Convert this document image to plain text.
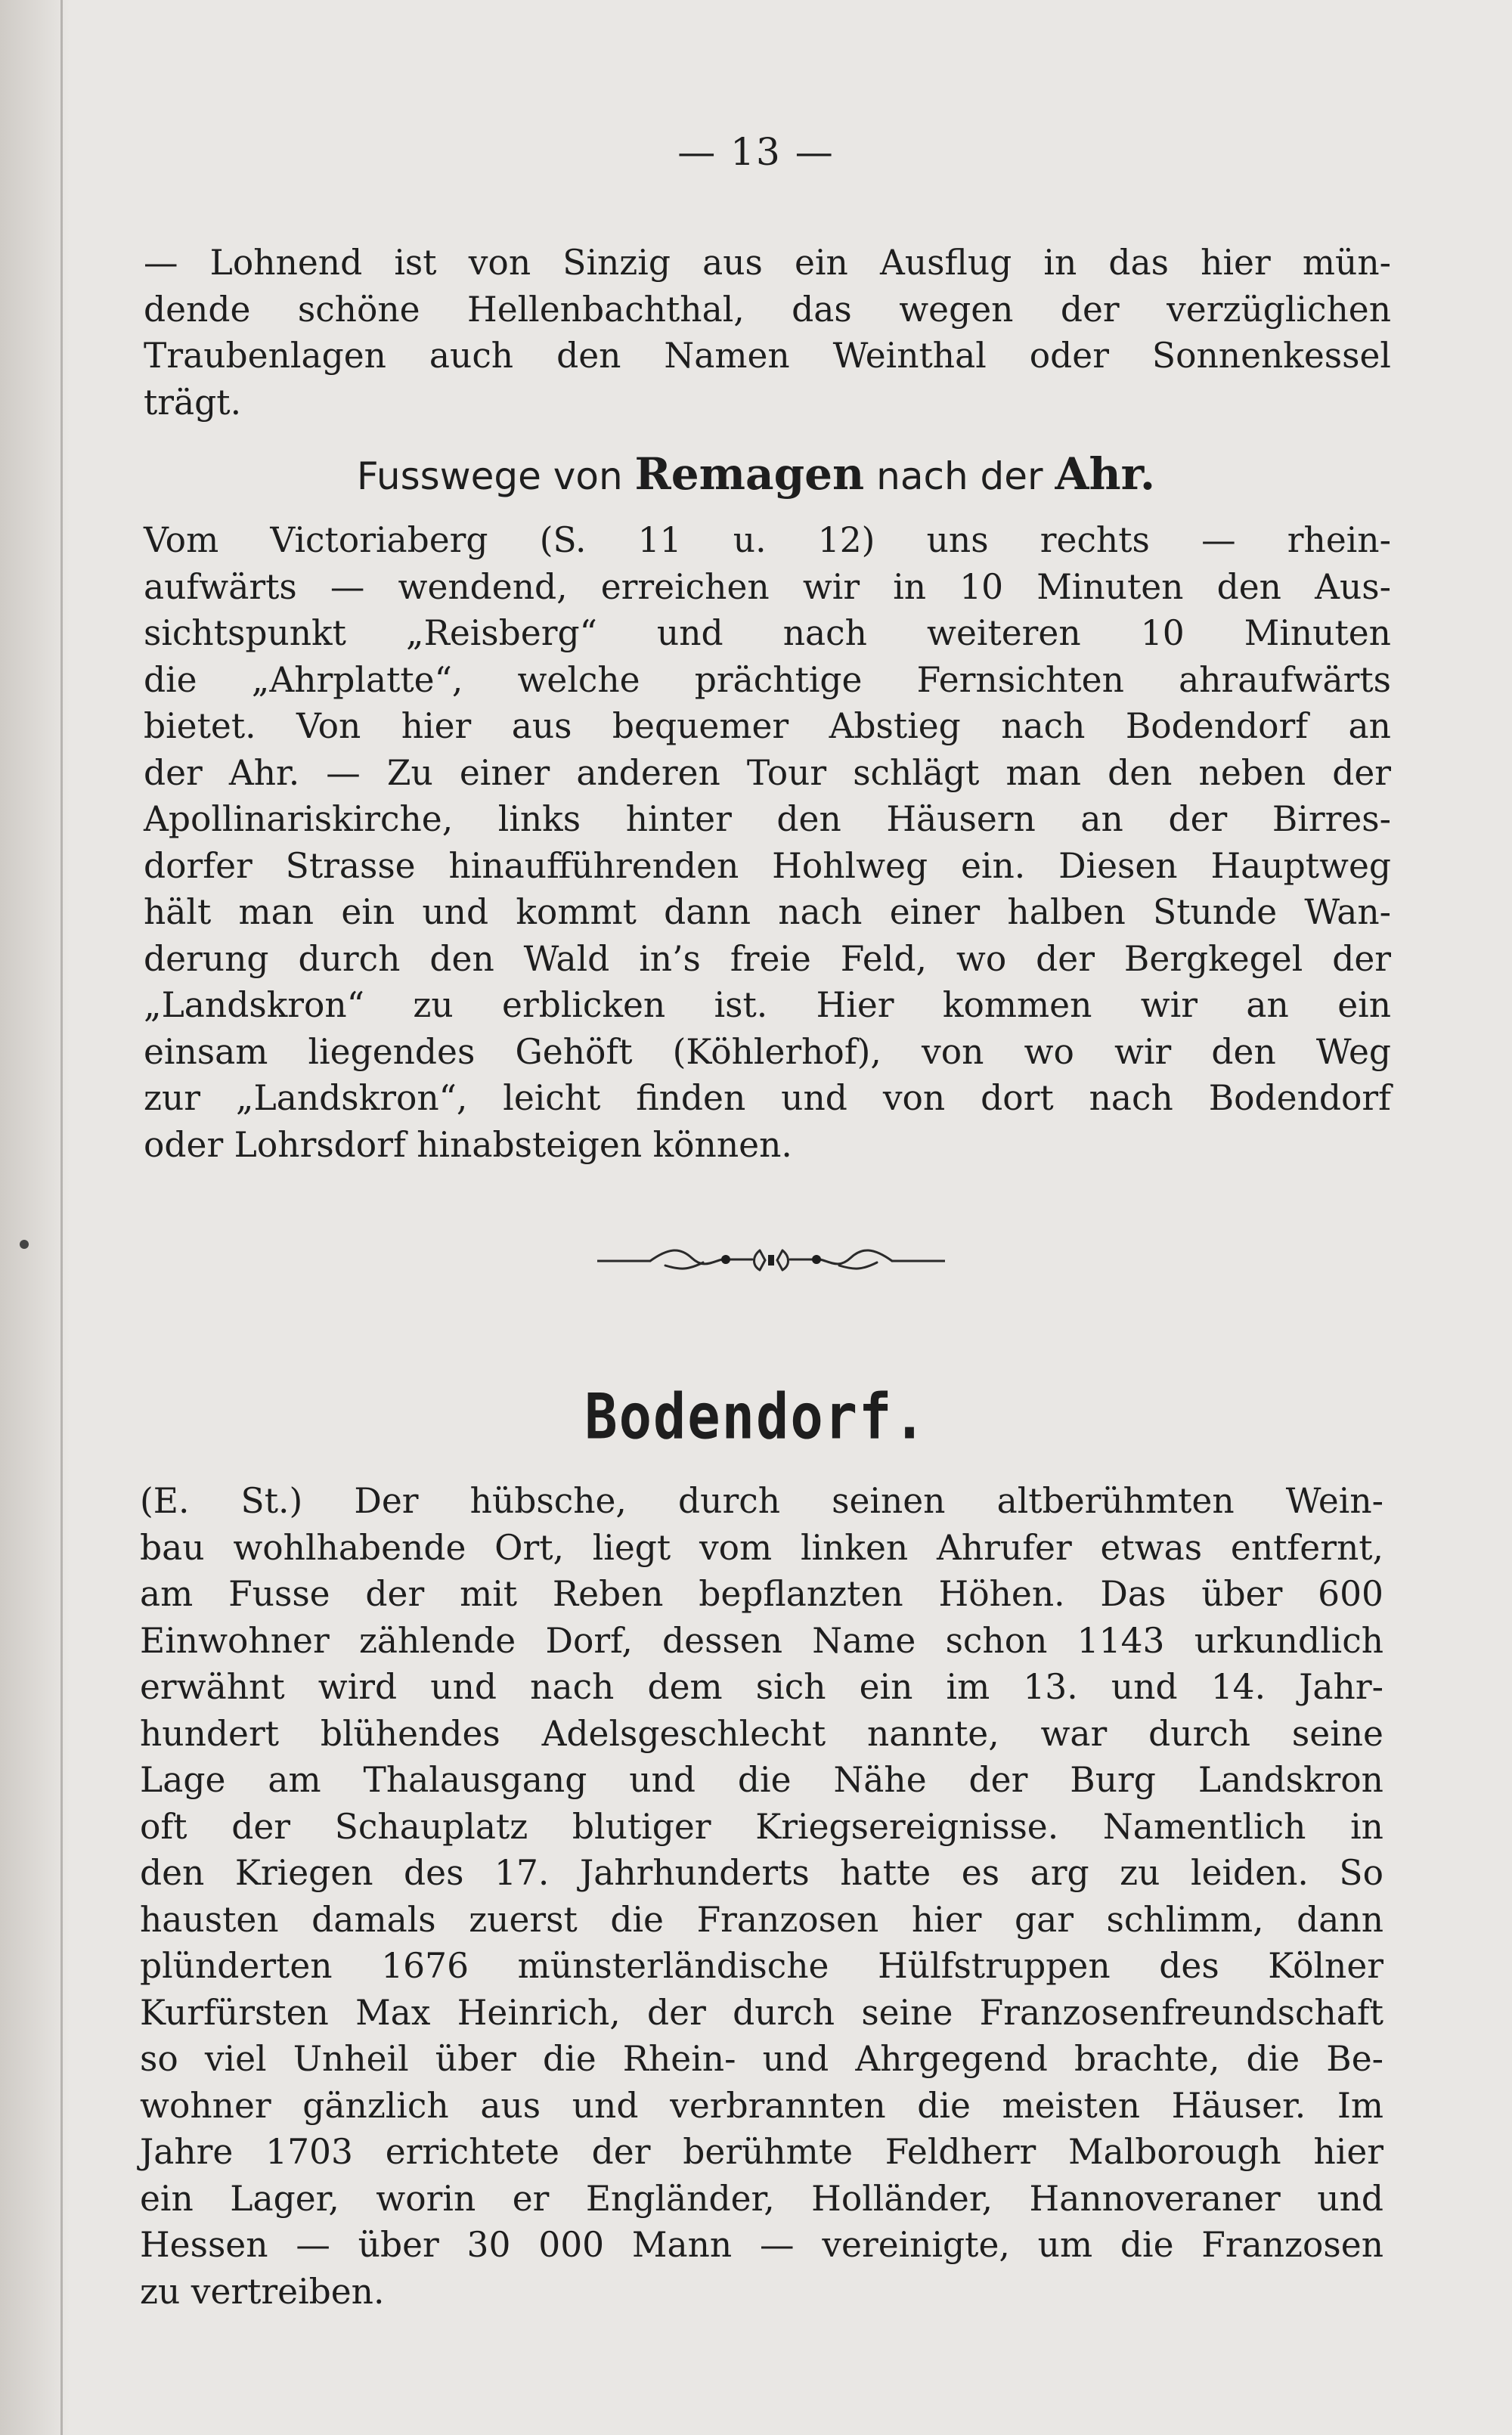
— 13 —
— Lohnend ist von Sinzig aus ein Ausflug in das hier mün-
dende schöne Hellenbachthal, das wegen der verzüglichen
Traubenlagen auch den Namen Weinthal oder Sonnenkessel
trägt.
Fusswege von Remagen nach der Ahr.
Vom Victoriaberg (S. 11 u. 12) uns rechts — rhein-
aufwärts — wendend, erreichen wir in 10 Minuten den Aus-
sichtspunkt „Reisberg“ und nach weiteren 10 Minuten
die „Ahrplatte“, welche prächtige Fernsichten ahraufwärts
bietet. Von hier aus bequemer Abstieg nach Bodendorf an
der Ahr. — Zu einer anderen Tour schlägt man den neben der
Apollinariskirche, links hinter den Häusern an der Birres-
dorfer Strasse hinaufführenden Hohlweg ein. Diesen Hauptweg
hält man ein und kommt dann nach einer halben Stunde Wan-
derung durch den Wald in’s freie Feld, wo der Bergkegel der
„Landskron“ zu erblicken ist. Hier kommen wir an ein
einsam liegendes Gehöft (Köhlerhof), von wo wir den Weg
zur „Landskron“, leicht finden und von dort nach Bodendorf
oder Lohrsdorf hinabsteigen können.
Bodendorf.
(E. St.) Der hübsche, durch seinen altberühmten Wein-
bau wohlhabende Ort, liegt vom linken Ahrufer etwas entfernt,
am Fusse der mit Reben bepflanzten Höhen. Das über 600
Einwohner zählende Dorf, dessen Name schon 1143 urkundlich
erwähnt wird und nach dem sich ein im 13. und 14. Jahr-
hundert blühendes Adelsgeschlecht nannte, war durch seine
Lage am Thalausgang und die Nähe der Burg Landskron
oft der Schauplatz blutiger Kriegsereignisse. Namentlich in
den Kriegen des 17. Jahrhunderts hatte es arg zu leiden. So
hausten damals zuerst die Franzosen hier gar schlimm, dann
plünderten 1676 münsterländische Hülfstruppen des Kölner
Kurfürsten Max Heinrich, der durch seine Franzosenfreundschaft
so viel Unheil über die Rhein- und Ahrgegend brachte, die Be-
wohner gänzlich aus und verbrannten die meisten Häuser. Im
Jahre 1703 errichtete der berühmte Feldherr Malborough hier
ein Lager, worin er Engländer, Holländer, Hannoveraner und
Hessen — über 30 000 Mann — vereinigte, um die Franzosen
zu vertreiben.
